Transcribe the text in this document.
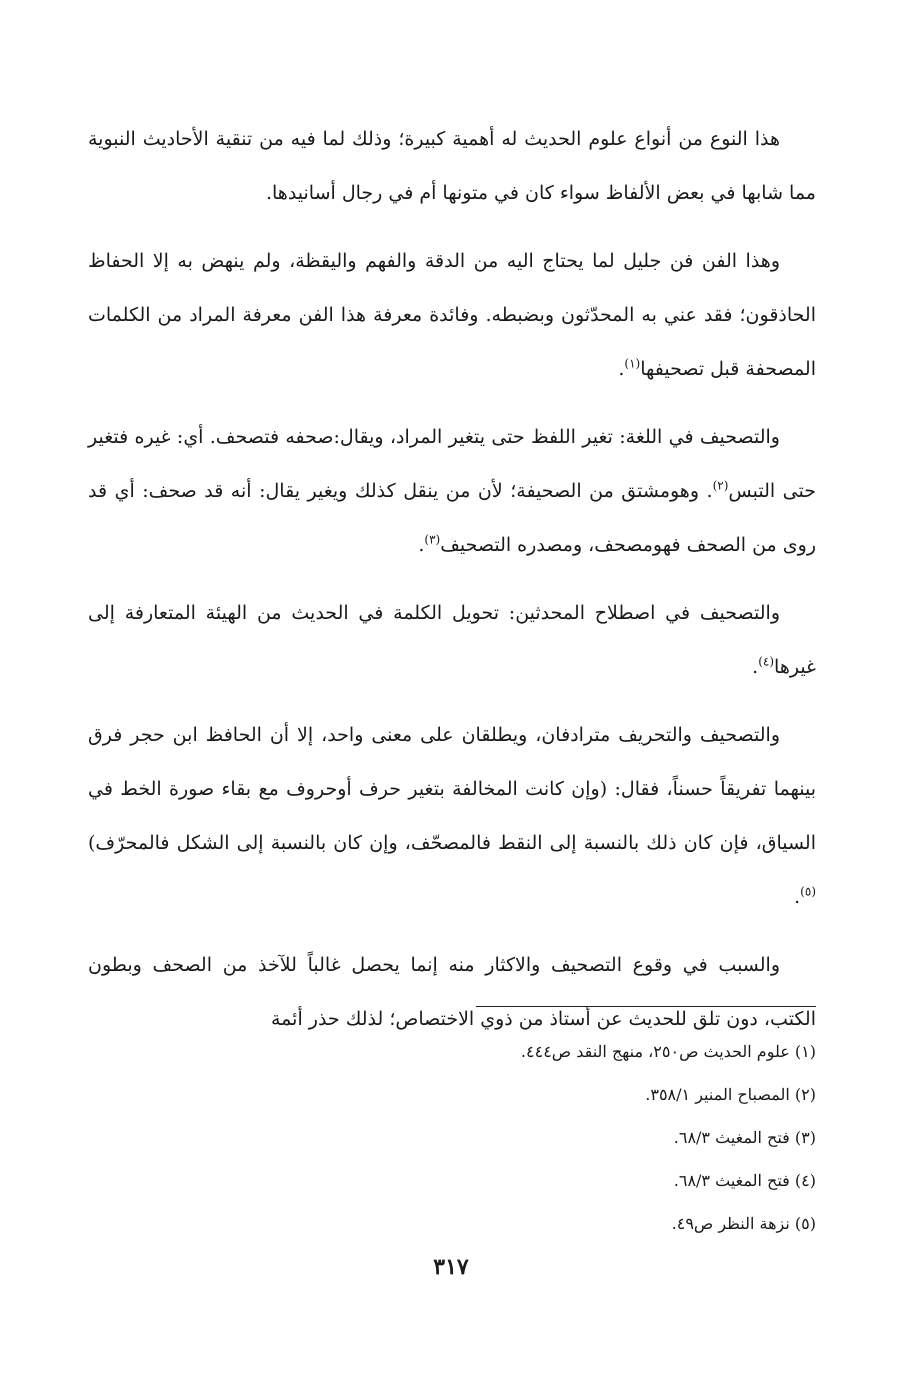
هذا النوع من أنواع علوم الحديث له أهمية كبيرة؛ وذلك لما فيه من تنقية الأحاديث النبوية مما شابها في بعض الألفاظ سواء كان في متونها أم في رجال أسانيدها.

وهذا الفن فن جليل لما يحتاج اليه من الدقة والفهم واليقظة، ولم ينهض به إلا الحفاظ الحاذقون؛ فقد عني به المحدّثون وبضبطه. وفائدة معرفة هذا الفن معرفة المراد من الكلمات المصحفة قبل تصحيفها$^{(١)}$.

والتصحيف في اللغة: تغير اللفظ حتى يتغير المراد، ويقال:صحفه فتصحف. أي: غيره فتغير حتى التبس$^{(٢)}$. وهومشتق من الصحيفة؛ لأن من ينقل كذلك ويغير يقال: أنه قد صحف: أي قد روى من الصحف فهومصحف، ومصدره التصحيف$^{(٣)}$.

والتصحيف في اصطلاح المحدثين: تحويل الكلمة في الحديث من الهيئة المتعارفة إلى غيرها$^{(٤)}$.

والتصحيف والتحريف مترادفان، ويطلقان على معنى واحد، إلا أن الحافظ ابن حجر فرق بينهما تفريقاً حسناً، فقال: (وإن كانت المخالفة بتغير حرف أوحروف مع بقاء صورة الخط في السياق، فإن كان ذلك بالنسبة إلى النقط فالمصحّف، وإن كان بالنسبة إلى الشكل فالمحرّف)$^{(٥)}$.

والسبب في وقوع التصحيف والاكثار منه إنما يحصل غالباً للآخذ من الصحف وبطون الكتب، دون تلق للحديث عن أستاذ من ذوي الاختصاص؛ لذلك حذر أئمة

(١) علوم الحديث ص٢٥٠، منهج النقد ص٤٤٤.

(٢) المصباح المنير ٣٥٨/١.

(٣) فتح المغيث ٦٨/٣.

(٤) فتح المغيث ٦٨/٣.

(٥) نزهة النظر ص٤٩.

٣١٧
